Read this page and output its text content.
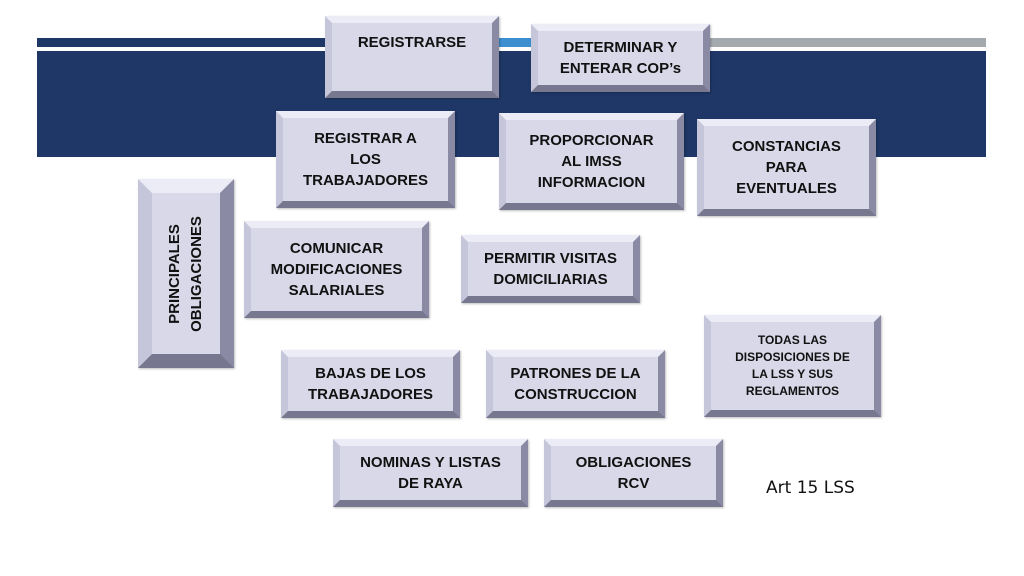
REGISTRARSE	DETERMINAR Y
ENTERAR COP’s
REGISTRAR A
LOS
TRABAJADORES
PROPORCIONAR
AL IMSS
INFORMACION
CONSTANCIAS
PARA
EVENTUALES
PRINCIPALES
OBLIGACIONES	COMUNICAR
MODIFICACIONES
SALARIALES
PERMITIR VISITAS
DOMICILIARIAS
TODAS LAS
DISPOSICIONES DE
LA LSS Y SUS
REGLAMENTOS
BAJAS DE LOS
TRABAJADORES
PATRONES DE LA
CONSTRUCCION
NOMINAS Y LISTAS
DE RAYA
OBLIGACIONES
RCV	Art 15 LSS
